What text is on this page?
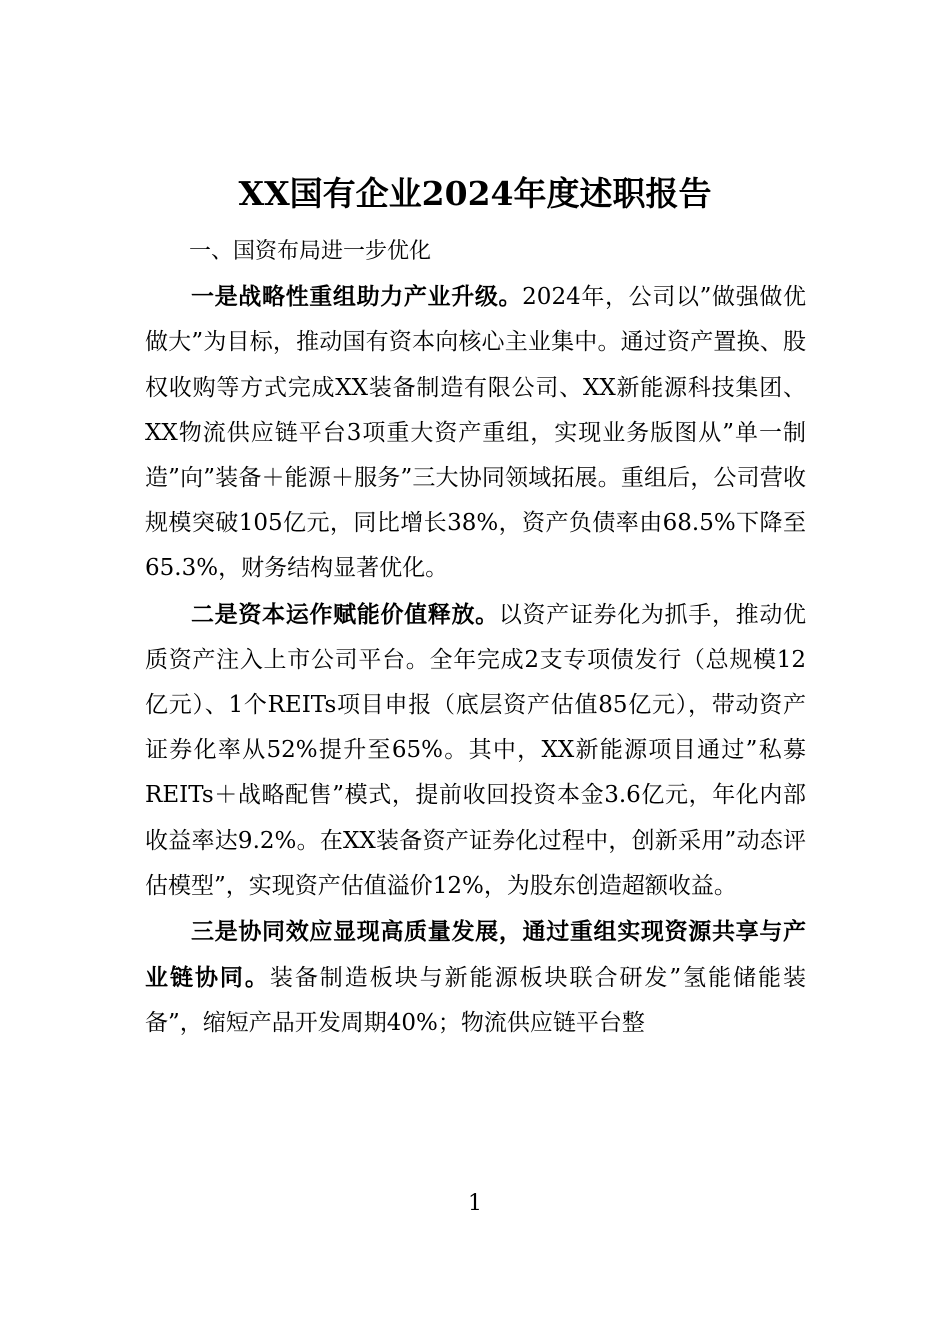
XX国有企业2024年度述职报告

一、国资布局进一步优化

一是战略性重组助力产业升级。2024年，公司以”做强做优做大”为目标，推动国有资本向核心主业集中。通过资产置换、股权收购等方式完成XX装备制造有限公司、XX新能源科技集团、XX物流供应链平台3项重大资产重组，实现业务版图从”单一制造”向”装备＋能源＋服务”三大协同领域拓展。重组后，公司营收规模突破105亿元，同比增长38%，资产负债率由68.5%下降至65.3%，财务结构显著优化。

二是资本运作赋能价值释放。以资产证券化为抓手，推动优质资产注入上市公司平台。全年完成2支专项债发行（总规模12亿元）、1个REITs项目申报（底层资产估值85亿元），带动资产证券化率从52%提升至65%。其中，XX新能源项目通过”私募REITs＋战略配售”模式，提前收回投资本金3.6亿元，年化内部收益率达9.2%。在XX装备资产证券化过程中，创新采用”动态评估模型”，实现资产估值溢价12%，为股东创造超额收益。

三是协同效应显现高质量发展，通过重组实现资源共享与产业链协同。装备制造板块与新能源板块联合研发”氢能储能装备”，缩短产品开发周期40%；物流供应链平台整

1
